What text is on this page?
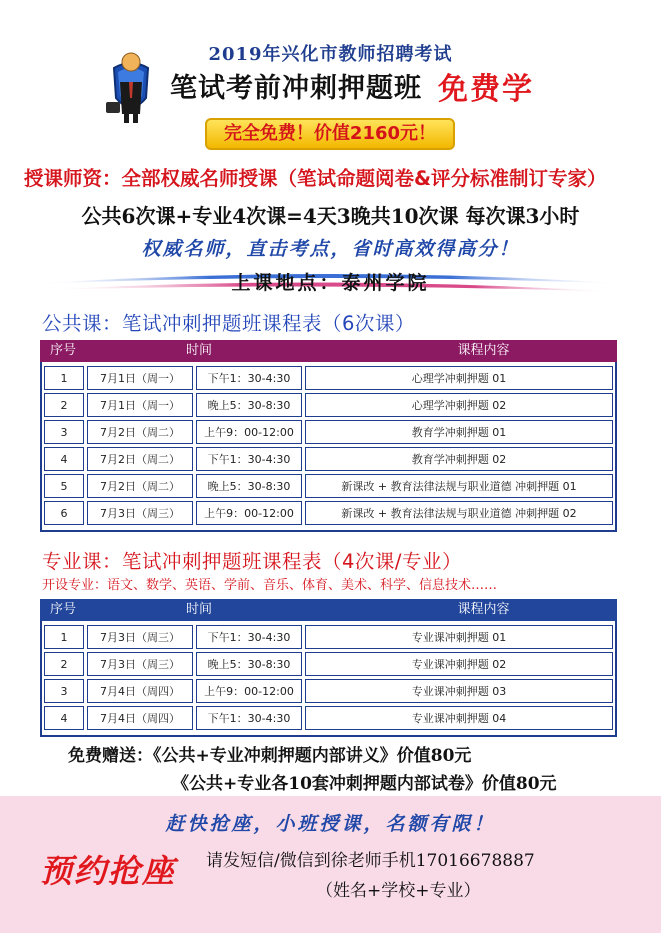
2019年兴化市教师招聘考试
笔试考前冲刺押题班 免费学
完全免费！价值2160元！
授课师资：全部权威名师授课（笔试命题阅卷&评分标准制订专家）
公共6次课+专业4次课=4天3晚共10次课 每次课3小时
权威名师，直击考点，省时高效得高分！
上课地点：泰州学院
公共课：笔试冲刺押题班课程表（6次课）
序号	时间	课程内容
1	7月1日（周一）	下午1：30-4:30	心理学冲刺押题 01
2	7月1日（周一）	晚上5：30-8:30	心理学冲刺押题 02
3	7月2日（周二）	上午9：00-12:00	教育学冲刺押题 01
4	7月2日（周二）	下午1：30-4:30	教育学冲刺押题 02
5	7月2日（周二）	晚上5：30-8:30	新课改 + 教育法律法规与职业道德 冲刺押题 01
6	7月3日（周三）	上午9：00-12:00	新课改 + 教育法律法规与职业道德 冲刺押题 02
专业课：笔试冲刺押题班课程表（4次课/专业）
开设专业：语文、数学、英语、学前、音乐、体育、美术、科学、信息技术……
序号	时间	课程内容
1	7月3日（周三）	下午1：30-4:30	专业课冲刺押题 01
2	7月3日（周三）	晚上5：30-8:30	专业课冲刺押题 02
3	7月4日（周四）	上午9：00-12:00	专业课冲刺押题 03
4	7月4日（周四）	下午1：30-4:30	专业课冲刺押题 04
免费赠送：《公共+专业冲刺押题内部讲义》价值80元
《公共+专业各10套冲刺押题内部试卷》价值80元
赶快抢座，小班授课，名额有限！
预约抢座 请发短信/微信到徐老师手机17016678887
（姓名+学校+专业）
